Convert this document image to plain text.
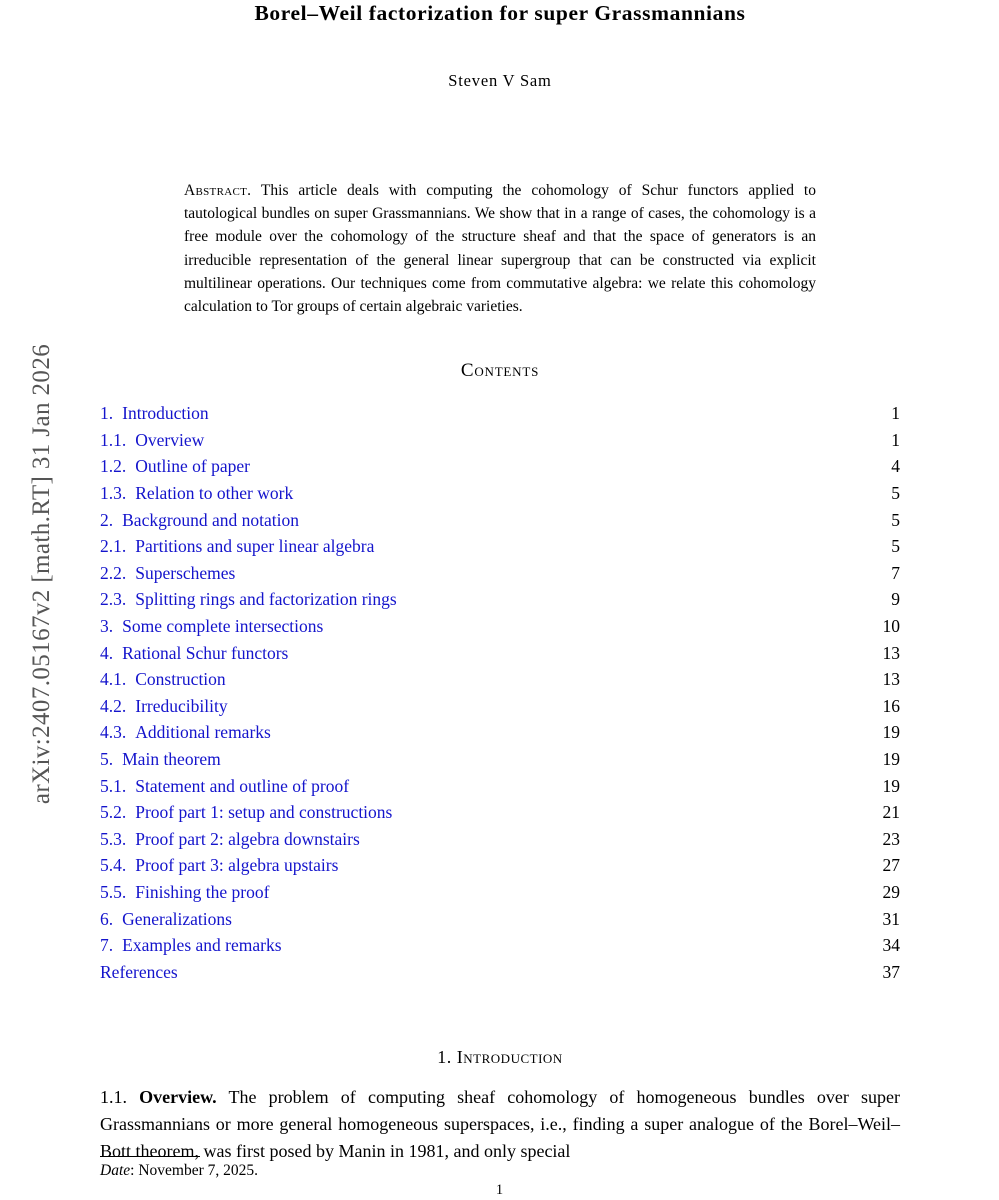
arXiv:2407.05167v2 [math.RT] 31 Jan 2026
Borel–Weil factorization for super Grassmannians
Steven V Sam
Abstract. This article deals with computing the cohomology of Schur functors applied to tautological bundles on super Grassmannians. We show that in a range of cases, the cohomology is a free module over the cohomology of the structure sheaf and that the space of generators is an irreducible representation of the general linear supergroup that can be constructed via explicit multilinear operations. Our techniques come from commutative algebra: we relate this cohomology calculation to Tor groups of certain algebraic varieties.
Contents
1. Introduction	1
1.1. Overview	1
1.2. Outline of paper	4
1.3. Relation to other work	5
2. Background and notation	5
2.1. Partitions and super linear algebra	5
2.2. Superschemes	7
2.3. Splitting rings and factorization rings	9
3. Some complete intersections	10
4. Rational Schur functors	13
4.1. Construction	13
4.2. Irreducibility	16
4.3. Additional remarks	19
5. Main theorem	19
5.1. Statement and outline of proof	19
5.2. Proof part 1: setup and constructions	21
5.3. Proof part 2: algebra downstairs	23
5.4. Proof part 3: algebra upstairs	27
5.5. Finishing the proof	29
6. Generalizations	31
7. Examples and remarks	34
References	37
1. Introduction
1.1. Overview. The problem of computing sheaf cohomology of homogeneous bundles over super Grassmannians or more general homogeneous superspaces, i.e., finding a super analogue of the Borel–Weil–Bott theorem, was first posed by Manin in 1981, and only special
Date: November 7, 2025.
1
